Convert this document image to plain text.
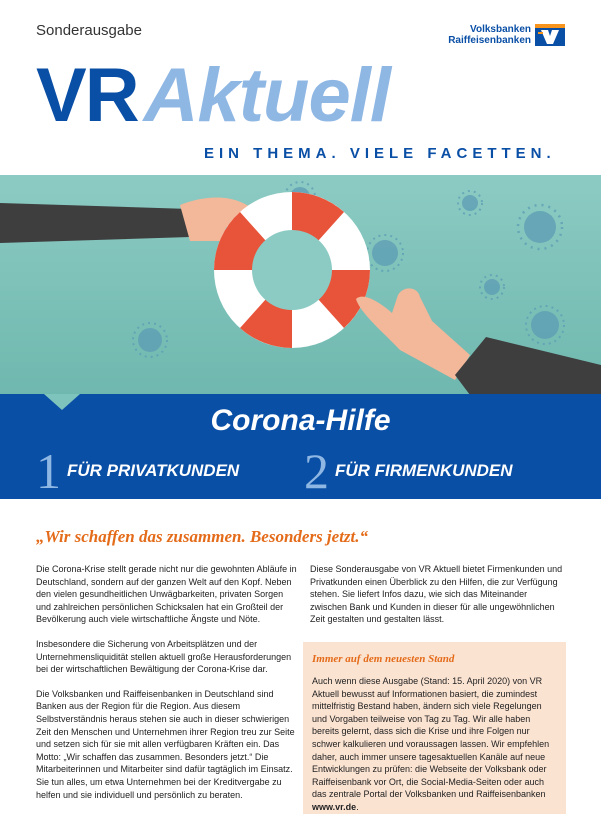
Sonderausgabe	Volksbanken
Raiffeisenbanken
VRAktuell
EIN THEMA. VIELE FACETTEN.
Corona-Hilfe
1 FÜR PRIVATKUNDEN 2 FÜR FIRMENKUNDEN
„Wir schaffen das zusammen. Besonders jetzt.“

Die Corona-Krise stellt gerade nicht nur die gewohnten Abläufe in Deutschland, sondern auf der ganzen Welt auf den Kopf. Neben den vielen gesundheitlichen Unwägbarkeiten, privaten Sorgen und zahlreichen persönlichen Schicksalen hat ein Großteil der Bevölkerung auch viele wirtschaftliche Ängste und Nöte.

Insbesondere die Sicherung von Arbeitsplätzen und der Unternehmensliquidität stellen aktuell große Herausforderungen bei der wirtschaftlichen Bewältigung der Corona-Krise dar.

Die Volksbanken und Raiffeisenbanken in Deutschland sind Banken aus der Region für die Region. Aus diesem Selbstverständnis heraus stehen sie auch in dieser schwierigen Zeit den Menschen und Unternehmen ihrer Region treu zur Seite und setzen sich für sie mit allen verfügbaren Kräften ein. Das Motto: „Wir schaffen das zusammen. Besonders jetzt.“ Die Mitarbeiterinnen und Mitarbeiter sind dafür tagtäglich im Einsatz. Sie tun alles, um etwa Unternehmen bei der Kreditvergabe zu helfen und sie individuell und persönlich zu beraten.

Diese Sonderausgabe von VR Aktuell bietet Firmenkunden und Privatkunden einen Überblick zu den Hilfen, die zur Verfügung stehen. Sie liefert Infos dazu, wie sich das Miteinander zwischen Bank und Kunden in dieser für alle ungewöhnlichen Zeit gestalten und gestalten lässt.

Immer auf dem neuesten Stand
Auch wenn diese Ausgabe (Stand: 15. April 2020) von VR Aktuell bewusst auf Informationen basiert, die zumindest mittelfristig Bestand haben, ändern sich viele Regelungen und Vorgaben teilweise von Tag zu Tag. Wir alle haben bereits gelernt, dass sich die Krise und ihre Folgen nur schwer kalkulieren und voraussagen lassen. Wir empfehlen daher, auch immer unsere tagesaktuellen Kanäle auf neue Entwicklungen zu prüfen: die Webseite der Volksbank oder Raiffeisenbank vor Ort, die Social-Media-Seiten oder auch das zentrale Portal der Volksbanken und Raiffeisenbanken www.vr.de.
